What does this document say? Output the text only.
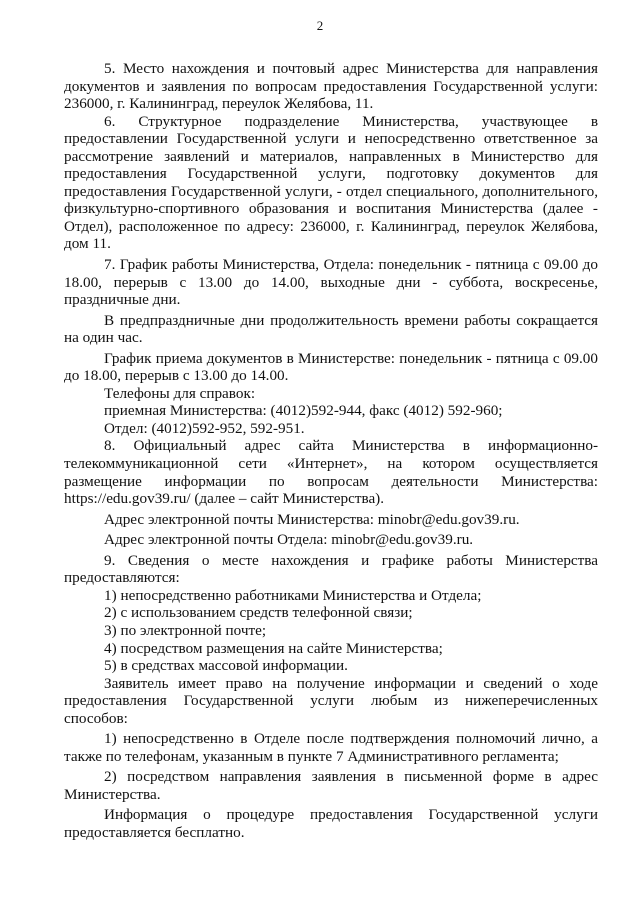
2

5. Место нахождения и почтовый адрес Министерства для направления документов и заявления по вопросам предоставления Государственной услуги: 236000, г. Калининград, переулок Желябова, 11.

6. Структурное подразделение Министерства, участвующее в предоставлении Государственной услуги и непосредственно ответственное за рассмотрение заявлений и материалов, направленных в Министерство для предоставления Государственной услуги, подготовку документов для предоставления Государственной услуги, - отдел специального, дополнительного, физкультурно-спортивного образования и воспитания Министерства (далее - Отдел), расположенное по адресу: 236000, г. Калининград, переулок Желябова, дом 11.

7. График работы Министерства, Отдела: понедельник - пятница с 09.00 до 18.00, перерыв с 13.00 до 14.00, выходные дни - суббота, воскресенье, праздничные дни.

В предпраздничные дни продолжительность времени работы сокращается на один час.

График приема документов в Министерстве: понедельник - пятница с 09.00 до 18.00, перерыв с 13.00 до 14.00.

Телефоны для справок:

приемная Министерства: (4012)592-944, факс (4012) 592-960;

Отдел: (4012)592-952, 592-951.

8. Официальный адрес сайта Министерства в информационно-телекоммуникационной сети «Интернет», на котором осуществляется размещение информации по вопросам деятельности Министерства: https://edu.gov39.ru/ (далее – сайт Министерства).

Адрес электронной почты Министерства: minobr@edu.gov39.ru.

Адрес электронной почты Отдела: minobr@edu.gov39.ru.

9. Сведения о месте нахождения и графике работы Министерства предоставляются:

1) непосредственно работниками Министерства и Отдела;

2) с использованием средств телефонной связи;

3) по электронной почте;

4) посредством размещения на сайте Министерства;

5) в средствах массовой информации.

Заявитель имеет право на получение информации и сведений о ходе предоставления Государственной услуги любым из нижеперечисленных способов:

1) непосредственно в Отделе после подтверждения полномочий лично, а также по телефонам, указанным в пункте 7 Административного регламента;

2) посредством направления заявления в письменной форме в адрес Министерства.

Информация о процедуре предоставления Государственной услуги предоставляется бесплатно.
